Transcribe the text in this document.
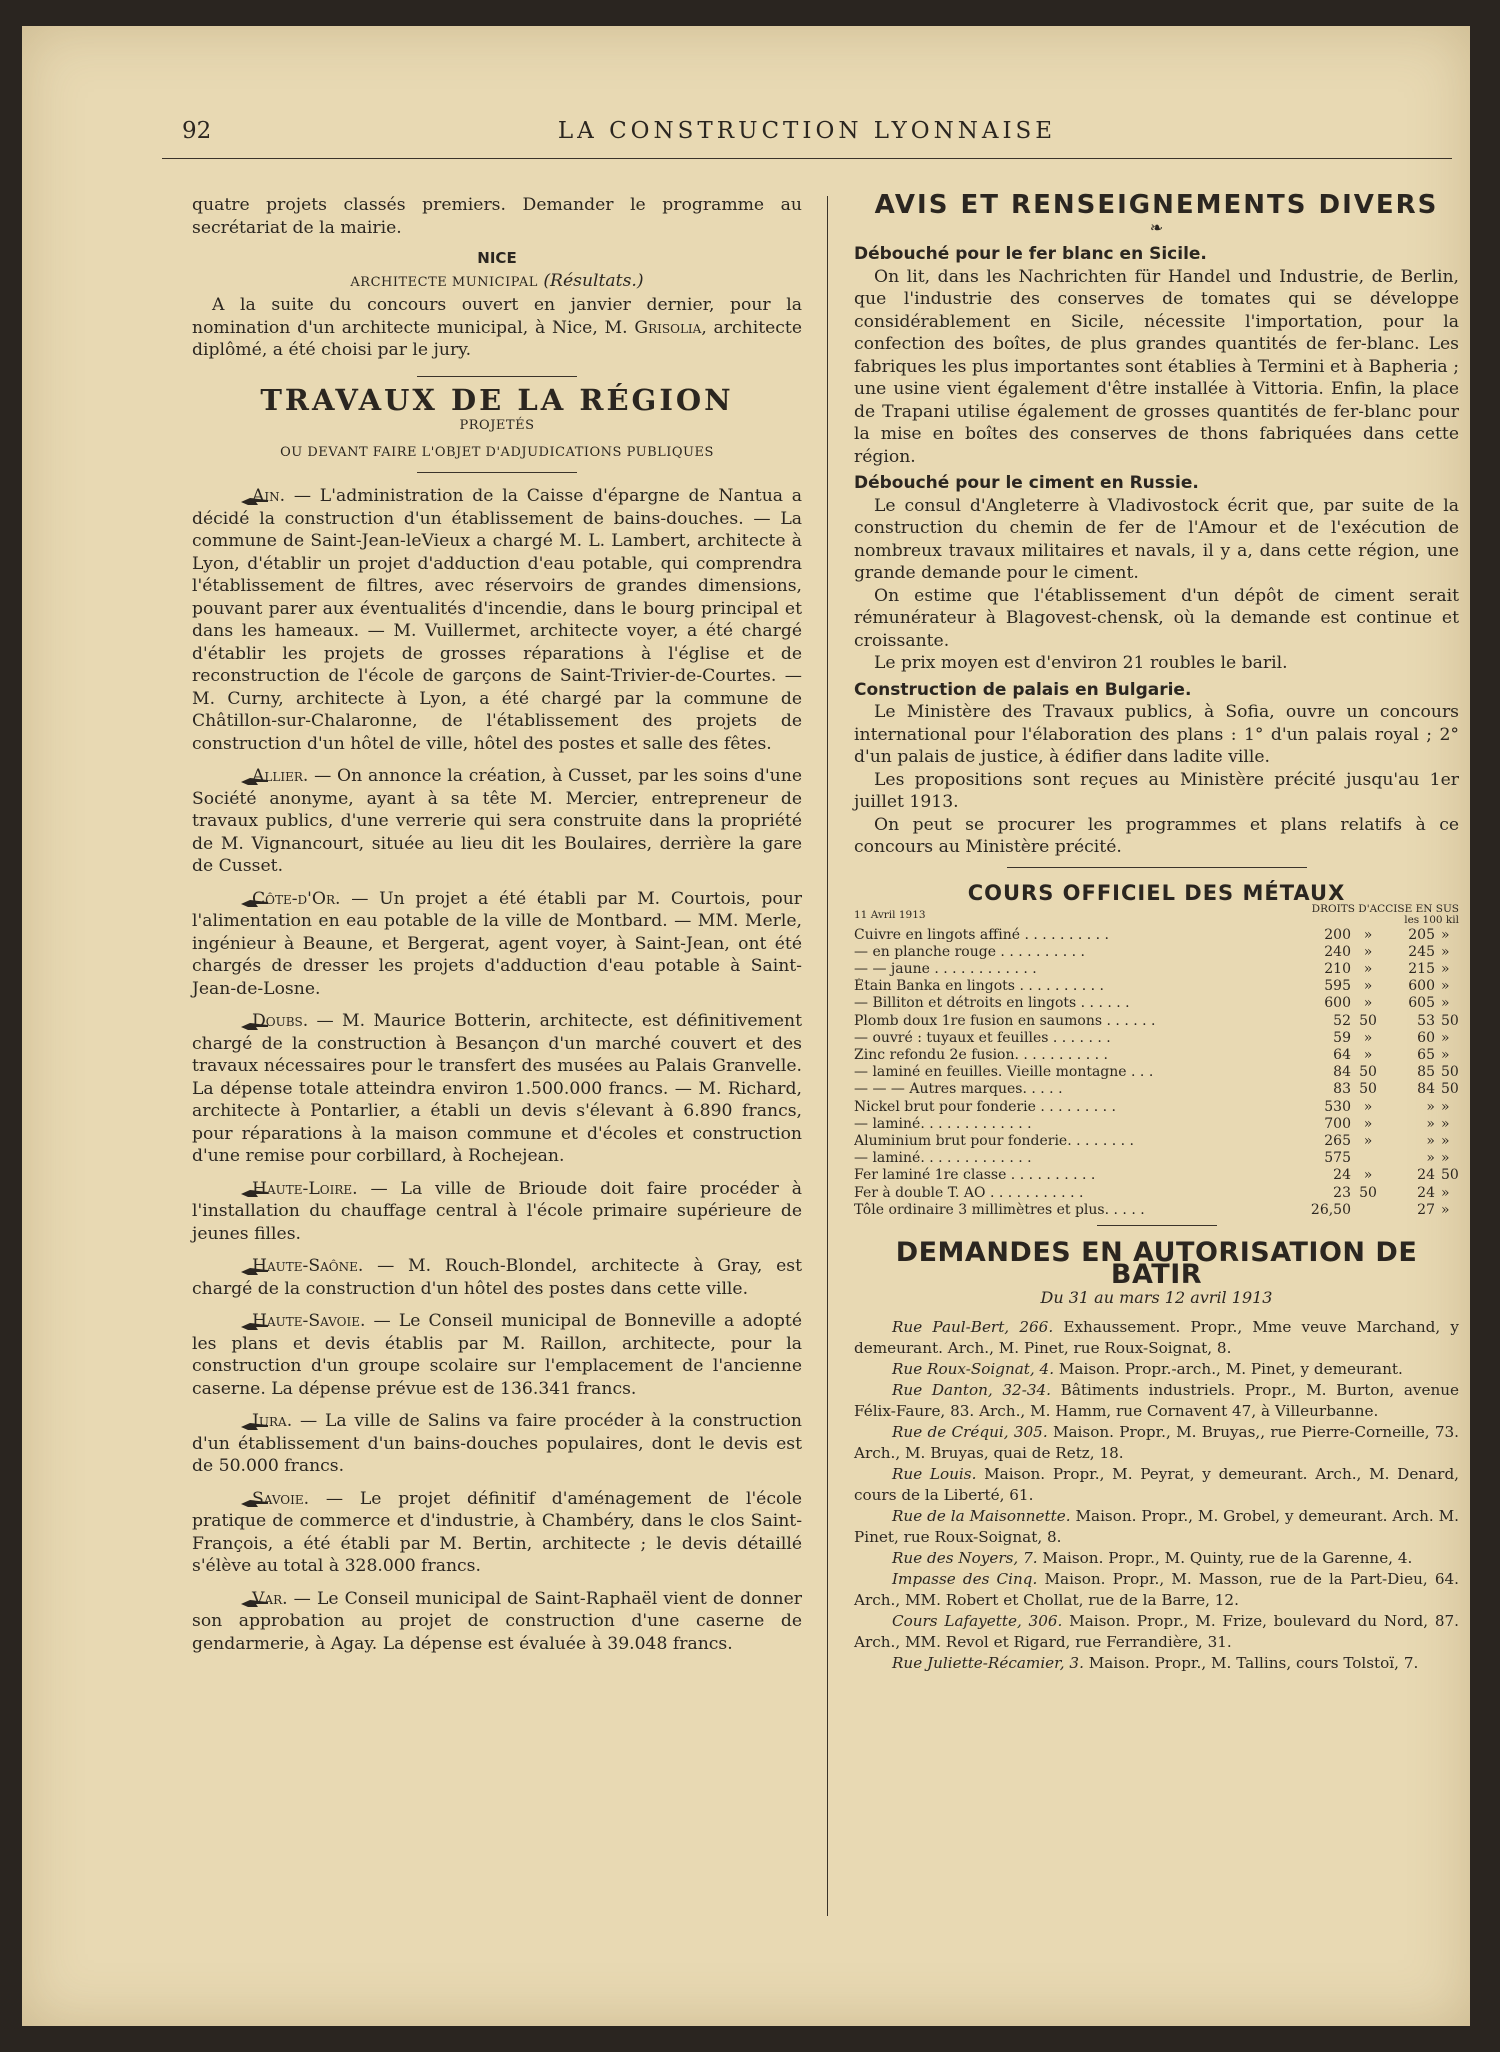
92	LA CONSTRUCTION LYONNAISE

quatre projets classés premiers. Demander le programme au secrétariat de la mairie.

NICE
ARCHITECTE MUNICIPAL (Résultats.)

A la suite du concours ouvert en janvier dernier, pour la nomination d'un architecte municipal, à Nice, M. Grisolia, architecte diplômé, a été choisi par le jury.

TRAVAUX DE LA RÉGION
PROJETÉS
OU DEVANT FAIRE L'OBJET D'ADJUDICATIONS PUBLIQUES

Ain. — L'administration de la Caisse d'épargne de Nantua a décidé la construction d'un établissement de bains-douches. — La commune de Saint-Jean-leVieux a chargé M. L. Lambert, architecte à Lyon, d'établir un projet d'adduction d'eau potable, qui comprendra l'établissement de filtres, avec réservoirs de grandes dimensions, pouvant parer aux éventualités d'incendie, dans le bourg principal et dans les hameaux. — M. Vuillermet, architecte voyer, a été chargé d'établir les projets de grosses réparations à l'église et de reconstruction de l'école de garçons de Saint-Trivier-de-Courtes. — M. Curny, architecte à Lyon, a été chargé par la commune de Châtillon-sur-Chalaronne, de l'établissement des projets de construction d'un hôtel de ville, hôtel des postes et salle des fêtes.

Allier. — On annonce la création, à Cusset, par les soins d'une Société anonyme, ayant à sa tête M. Mercier, entrepreneur de travaux publics, d'une verrerie qui sera construite dans la propriété de M. Vignancourt, située au lieu dit les Boulaires, derrière la gare de Cusset.

Côte-d'Or. — Un projet a été établi par M. Courtois, pour l'alimentation en eau potable de la ville de Montbard. — MM. Merle, ingénieur à Beaune, et Bergerat, agent voyer, à Saint-Jean, ont été chargés de dresser les projets d'adduction d'eau potable à Saint-Jean-de-Losne.

Doubs. — M. Maurice Botterin, architecte, est définitivement chargé de la construction à Besançon d'un marché couvert et des travaux nécessaires pour le transfert des musées au Palais Granvelle. La dépense totale atteindra environ 1.500.000 francs. — M. Richard, architecte à Pontarlier, a établi un devis s'élevant à 6.890 francs, pour réparations à la maison commune et d'écoles et construction d'une remise pour corbillard, à Rochejean.

Haute-Loire. — La ville de Brioude doit faire procéder à l'installation du chauffage central à l'école primaire supérieure de jeunes filles.

Haute-Saône. — M. Rouch-Blondel, architecte à Gray, est chargé de la construction d'un hôtel des postes dans cette ville.

Haute-Savoie. — Le Conseil municipal de Bonneville a adopté les plans et devis établis par M. Raillon, architecte, pour la construction d'un groupe scolaire sur l'emplacement de l'ancienne caserne. La dépense prévue est de 136.341 francs.

Jura. — La ville de Salins va faire procéder à la construction d'un établissement d'un bains-douches populaires, dont le devis est de 50.000 francs.

Savoie. — Le projet définitif d'aménagement de l'école pratique de commerce et d'industrie, à Chambéry, dans le clos Saint-François, a été établi par M. Bertin, architecte ; le devis détaillé s'élève au total à 328.000 francs.

Var. — Le Conseil municipal de Saint-Raphaël vient de donner son approbation au projet de construction d'une caserne de gendarmerie, à Agay. La dépense est évaluée à 39.048 francs.

AVIS ET RENSEIGNEMENTS DIVERS
❧
Débouché pour le fer blanc en Sicile.

On lit, dans les Nachrichten für Handel und Industrie, de Berlin, que l'industrie des conserves de tomates qui se développe considérablement en Sicile, nécessite l'importation, pour la confection des boîtes, de plus grandes quantités de fer-blanc. Les fabriques les plus importantes sont établies à Termini et à Bapheria ; une usine vient également d'être installée à Vittoria. Enfin, la place de Trapani utilise également de grosses quantités de fer-blanc pour la mise en boîtes des conserves de thons fabriquées dans cette région.

Débouché pour le ciment en Russie.

Le consul d'Angleterre à Vladivostock écrit que, par suite de la construction du chemin de fer de l'Amour et de l'exécution de nombreux travaux militaires et navals, il y a, dans cette région, une grande demande pour le ciment.

On estime que l'établissement d'un dépôt de ciment serait rémunérateur à Blagovest-chensk, où la demande est continue et croissante.

Le prix moyen est d'environ 21 roubles le baril.

Construction de palais en Bulgarie.

Le Ministère des Travaux publics, à Sofia, ouvre un concours international pour l'élaboration des plans : 1° d'un palais royal ; 2° d'un palais de justice, à édifier dans ladite ville.

Les propositions sont reçues au Ministère précité jusqu'au 1er juillet 1913.

On peut se procurer les programmes et plans relatifs à ce concours au Ministère précité.

COURS OFFICIEL DES MÉTAUX
11 Avril 1913	DROITS D'ACCISE EN SUS
les 100 kil
Cuivre en lingots affiné . . . . . . . . . .	200	»	205	»
— en planche rouge . . . . . . . . . .	240	»	245	»
— — jaune . . . . . . . . . . . .	210	»	215	»
Étain Banka en lingots . . . . . . . . . .	595	»	600	»
— Billiton et détroits en lingots . . . . . .	600	»	605	»
Plomb doux 1re fusion en saumons . . . . . .	52	50	53	50
— ouvré : tuyaux et feuilles . . . . . . .	59	»	60	»
Zinc refondu 2e fusion. . . . . . . . . . .	64	»	65	»
— laminé en feuilles. Vieille montagne . . .	84	50	85	50
— — — Autres marques. . . . .	83	50	84	50
Nickel brut pour fonderie . . . . . . . . .	530	»	»	»
— laminé. . . . . . . . . . . . .	700	»	»	»
Aluminium brut pour fonderie. . . . . . . .	265	»	»	»
— laminé. . . . . . . . . . . . .	575		»	»
Fer laminé 1re classe . . . . . . . . . .	24	»	24	50
Fer à double T. AO . . . . . . . . . . .	23	50	24	»
Tôle ordinaire 3 millimètres et plus. . . . .	26,50		27	»
DEMANDES EN AUTORISATION DE BATIR
Du 31 au mars 12 avril 1913

Rue Paul-Bert, 266. Exhaussement. Propr., Mme veuve Marchand, y demeurant. Arch., M. Pinet, rue Roux-Soignat, 8.

Rue Roux-Soignat, 4. Maison. Propr.-arch., M. Pinet, y demeurant.

Rue Danton, 32-34. Bâtiments industriels. Propr., M. Burton, avenue Félix-Faure, 83. Arch., M. Hamm, rue Cornavent 47, à Villeurbanne.

Rue de Créqui, 305. Maison. Propr., M. Bruyas,, rue Pierre-Corneille, 73. Arch., M. Bruyas, quai de Retz, 18.

Rue Louis. Maison. Propr., M. Peyrat, y demeurant. Arch., M. Denard, cours de la Liberté, 61.

Rue de la Maisonnette. Maison. Propr., M. Grobel, y demeurant. Arch. M. Pinet, rue Roux-Soignat, 8.

Rue des Noyers, 7. Maison. Propr., M. Quinty, rue de la Garenne, 4.

Impasse des Cinq. Maison. Propr., M. Masson, rue de la Part-Dieu, 64. Arch., MM. Robert et Chollat, rue de la Barre, 12.

Cours Lafayette, 306. Maison. Propr., M. Frize, boulevard du Nord, 87. Arch., MM. Revol et Rigard, rue Ferrandière, 31.

Rue Juliette-Récamier, 3. Maison. Propr., M. Tallins, cours Tolstoï, 7.
